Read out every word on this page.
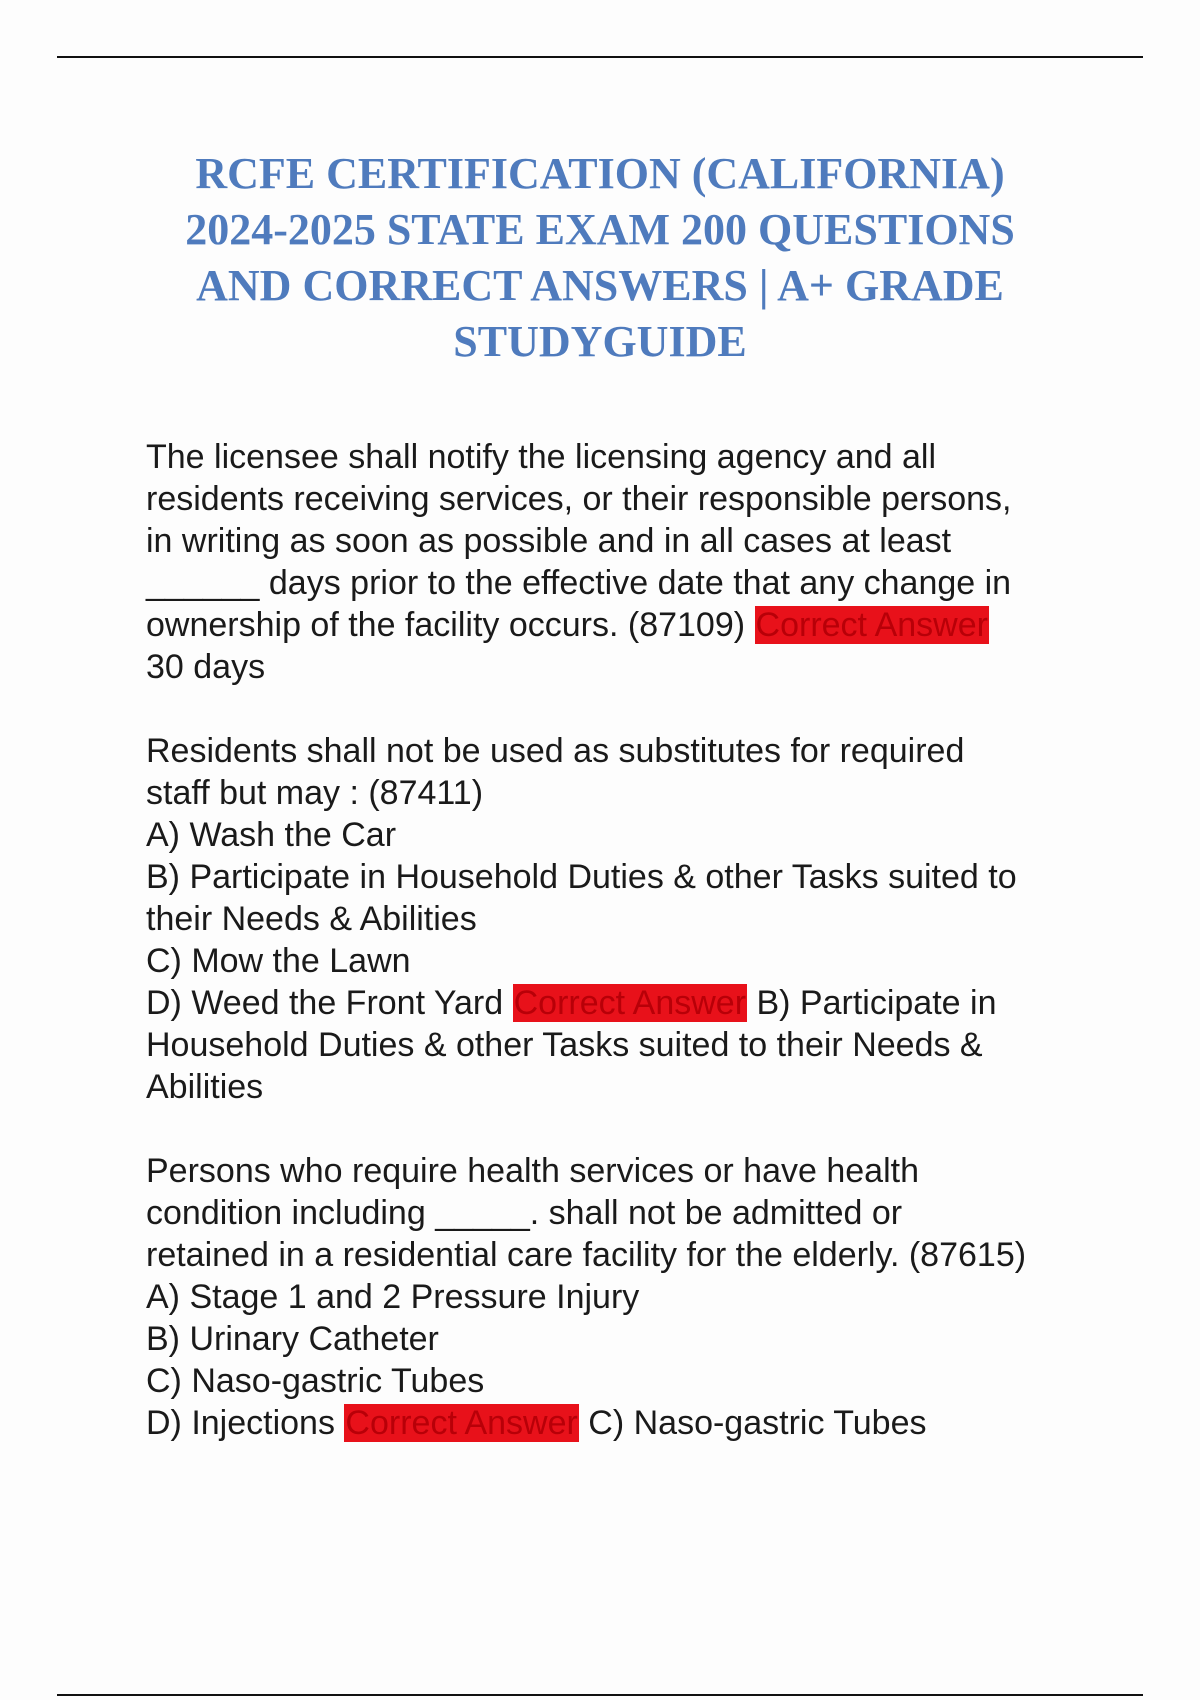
RCFE CERTIFICATION (CALIFORNIA)
2024-2025 STATE EXAM 200 QUESTIONS
AND CORRECT ANSWERS | A+ GRADE
STUDYGUIDE
The licensee shall notify the licensing agency and all
residents receiving services, or their responsible persons,
in writing as soon as possible and in all cases at least
______ days prior to the effective date that any change in
ownership of the facility occurs. (87109) Correct Answer
30 days
Residents shall not be used as substitutes for required
staff but may : (87411)
A) Wash the Car
B) Participate in Household Duties & other Tasks suited to
their Needs & Abilities
C) Mow the Lawn
D) Weed the Front Yard Correct Answer B) Participate in
Household Duties & other Tasks suited to their Needs &
Abilities
Persons who require health services or have health
condition including _____. shall not be admitted or
retained in a residential care facility for the elderly. (87615)
A) Stage 1 and 2 Pressure Injury
B) Urinary Catheter
C) Naso-gastric Tubes
D) Injections Correct Answer C) Naso-gastric Tubes
